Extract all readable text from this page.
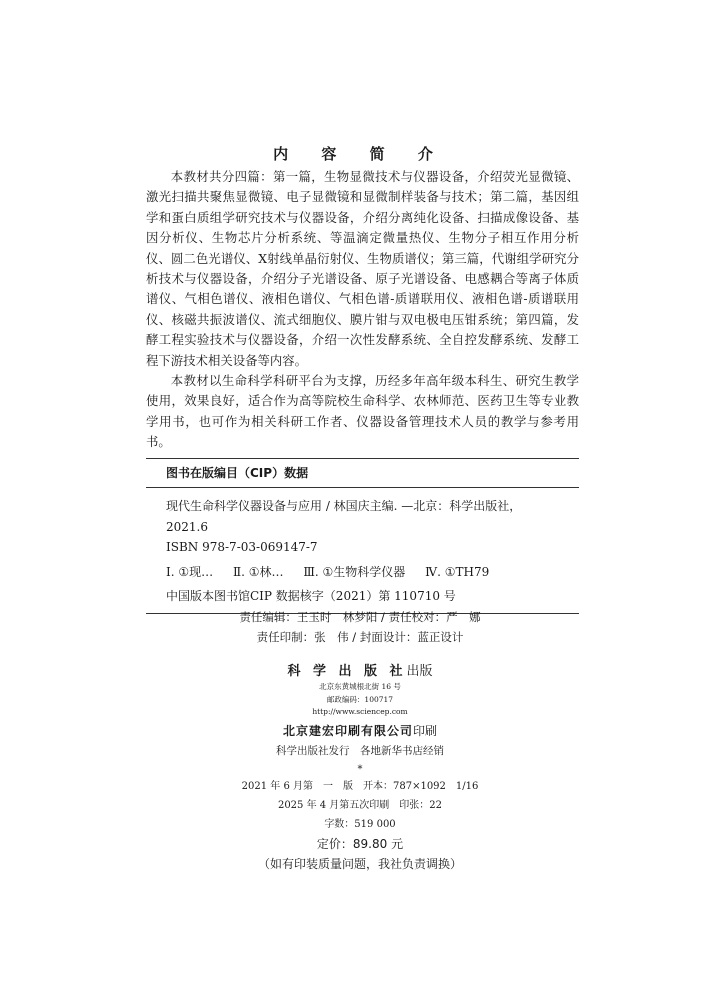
内 容 简 介

本教材共分四篇：第一篇，生物显微技术与仪器设备，介绍荧光显微镜、激光扫描共聚焦显微镜、电子显微镜和显微制样装备与技术；第二篇，基因组学和蛋白质组学研究技术与仪器设备，介绍分离纯化设备、扫描成像设备、基因分析仪、生物芯片分析系统、等温滴定微量热仪、生物分子相互作用分析仪、圆二色光谱仪、X射线单晶衍射仪、生物质谱仪；第三篇，代谢组学研究分析技术与仪器设备，介绍分子光谱设备、原子光谱设备、电感耦合等离子体质谱仪、气相色谱仪、液相色谱仪、气相色谱-质谱联用仪、液相色谱-质谱联用仪、核磁共振波谱仪、流式细胞仪、膜片钳与双电极电压钳系统；第四篇，发酵工程实验技术与仪器设备，介绍一次性发酵系统、全自控发酵系统、发酵工程下游技术相关设备等内容。

本教材以生命科学科研平台为支撑，历经多年高年级本科生、研究生教学使用，效果良好，适合作为高等院校生命科学、农林师范、医药卫生等专业教学用书，也可作为相关科研工作者、仪器设备管理技术人员的教学与参考用书。

图书在版编目（CIP）数据
现代生命科学仪器设备与应用 / 林国庆主编. —北京：科学出版社，
2021.6
ISBN 978-7-03-069147-7
Ⅰ. ①现… Ⅱ. ①林… Ⅲ. ①生物科学仪器 Ⅳ. ①TH79
中国版本图书馆CIP 数据核字（2021）第 110710 号
责任编辑：王玉时　林梦阳 / 责任校对：严　娜
责任印制：张　伟 / 封面设计：蓝正设计
科 学 出 版 社出版
北京东黄城根北街 16 号
邮政编码：100717
http://www.sciencep.com
北京建宏印刷有限公司印刷
科学出版社发行　各地新华书店经销
*
2021 年 6 月第　一　版　开本：787×1092　1/16
2025 年 4 月第五次印刷　印张：22
字数：519 000
定价：89.80 元
（如有印装质量问题，我社负责调换）
